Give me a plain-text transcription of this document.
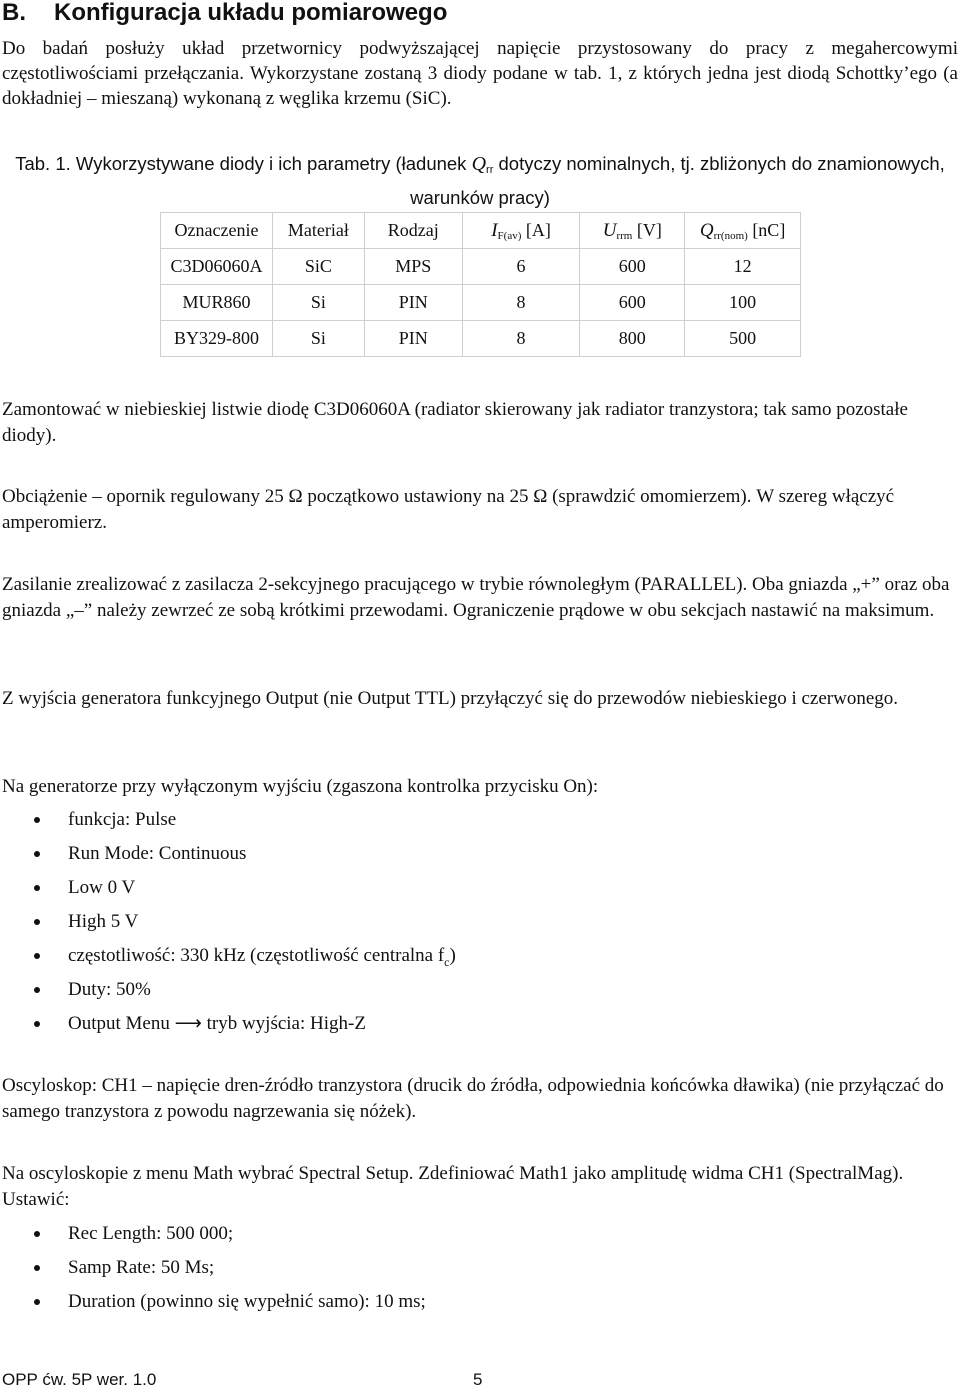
B. Konfiguracja układu pomiarowego
Do badań posłuży układ przetwornicy podwyższającej napięcie przystosowany do pracy z megahercowymi częstotliwościami przełączania. Wykorzystane zostaną 3 diody podane w tab. 1, z których jedna jest diodą Schottky’ego (a dokładniej – mieszaną) wykonaną z węglika krzemu (SiC).
Tab. 1. Wykorzystywane diody i ich parametry (ładunek $Q_{rr}$ dotyczy nominalnych, tj. zbliżonych do znamionowych, warunków pracy)
Oznaczenie	Materiał	Rodzaj	$I_{F(av)}$ [A]	$U_{rrm}$ [V]	$Q_{rr(nom)}$ [nC]
C3D06060A	SiC	MPS	6	600	12
MUR860	Si	PIN	8	600	100
BY329-800	Si	PIN	8	800	500

Zamontować w niebieskiej listwie diodę C3D06060A (radiator skierowany jak radiator tranzystora; tak samo pozostałe diody).

Obciążenie – opornik regulowany 25 Ω początkowo ustawiony na 25 Ω (sprawdzić omomierzem). W szereg włączyć amperomierz.

Zasilanie zrealizować z zasilacza 2-sekcyjnego pracującego w trybie równoległym (PARALLEL). Oba gniazda „+” oraz oba gniazda „–” należy zewrzeć ze sobą krótkimi przewodami. Ograniczenie prądowe w obu sekcjach nastawić na maksimum.

Z wyjścia generatora funkcyjnego Output (nie Output TTL) przyłączyć się do przewodów niebieskiego i czerwonego.

Na generatorze przy wyłączonym wyjściu (zgaszona kontrolka przycisku On):

funkcja: Pulse
Run Mode: Continuous
Low 0 V
High 5 V
częstotliwość: 330 kHz (częstotliwość centralna $f_c$)
Duty: 50%
Output Menu ⟶ tryb wyjścia: High-Z

Oscyloskop: CH1 – napięcie dren-źródło tranzystora (drucik do źródła, odpowiednia końcówka dławika) (nie przyłączać do samego tranzystora z powodu nagrzewania się nóżek).

Na oscyloskopie z menu Math wybrać Spectral Setup. Zdefiniować Math1 jako amplitudę widma CH1 (SpectralMag). Ustawić:

Rec Length: 500 000;
Samp Rate: 50 Ms;
Duration (powinno się wypełnić samo): 10 ms;
OPP ćw. 5P wer. 1.0	5
